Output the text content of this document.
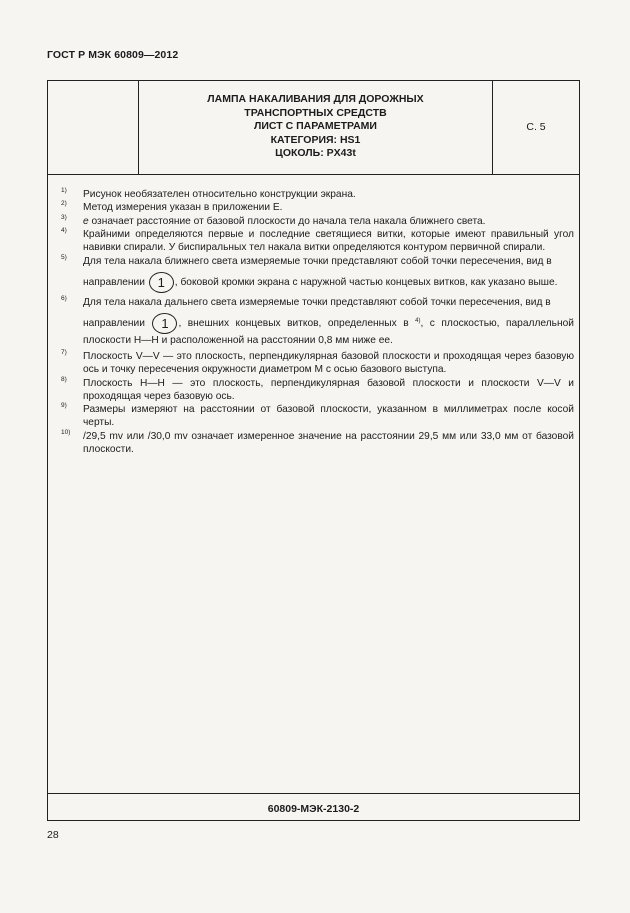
ГОСТ Р МЭК 60809—2012
ЛАМПА НАКАЛИВАНИЯ ДЛЯ ДОРОЖНЫХ
ТРАНСПОРТНЫХ СРЕДСТВ
ЛИСТ С ПАРАМЕТРАМИ
КАТЕГОРИЯ: HS1
ЦОКОЛЬ: PX43t
С. 5
1) Рисунок необязателен относительно конструкции экрана.
2) Метод измерения указан в приложении E.
3) e означает расстояние от базовой плоскости до начала тела накала ближнего света.
4) Крайними определяются первые и последние светящиеся витки, которые имеют правильный угол навивки спирали. У биспиральных тел накала витки определяются контуром первичной спирали.
5) Для тела накала ближнего света измеряемые точки представляют собой точки пересечения, вид в
направлении 1 , боковой кромки экрана с наружной частью концевых витков, как указано выше.
6) Для тела накала дальнего света измеряемые точки представляют собой точки пересечения, вид в
направлении 1 , внешних концевых витков, определенных в $^{4)}$, с плоскостью, параллельной плоскости H—H и расположенной на расстоянии 0,8 мм ниже ее.
7) Плоскость V—V — это плоскость, перпендикулярная базовой плоскости и проходящая через базовую ось и точку пересечения окружности диаметром M с осью базового выступа.
8) Плоскость H—H — это плоскость, перпендикулярная базовой плоскости и плоскости V—V и проходящая через базовую ось.
9) Размеры измеряют на расстоянии от базовой плоскости, указанном в миллиметрах после косой черты.
10) /29,5 mv или /30,0 mv означает измеренное значение на расстоянии 29,5 мм или 33,0 мм от базовой плоскости.
60809-МЭК-2130-2
28
